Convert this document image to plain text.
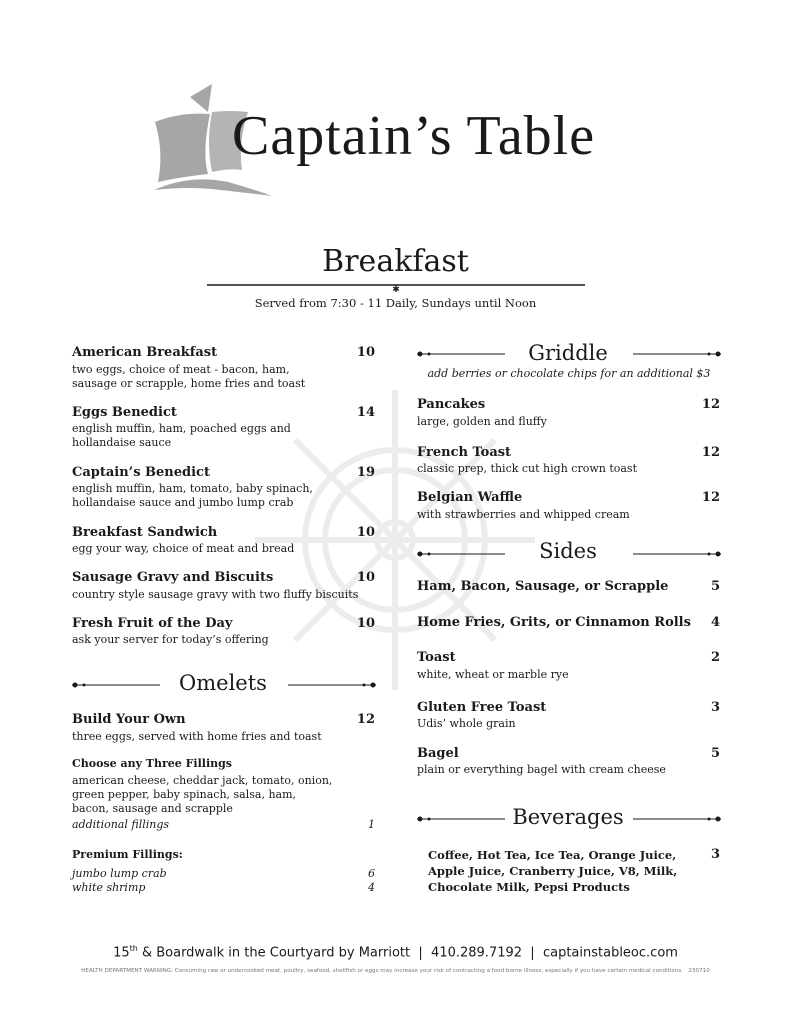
Captain’s Table
Breakfast
✱
Served from 7:30 - 11 Daily, Sundays until Noon
American Breakfast	10
two eggs, choice of meat - bacon, ham,
sausage or scrapple, home fries and toast
Eggs Benedict	14
english muffin, ham, poached eggs and
hollandaise sauce
Captain’s Benedict	19
english muffin, ham, tomato, baby spinach,
hollandaise sauce and jumbo lump crab
Breakfast Sandwich	10
egg your way, choice of meat and bread
Sausage Gravy and Biscuits	10
country style sausage gravy with two fluffy biscuits
Fresh Fruit of the Day	10
ask your server for today’s offering
Omelets
Build Your Own	12
three eggs, served with home fries and toast
Choose any Three Fillings
american cheese, cheddar jack, tomato, onion,
green pepper, baby spinach, salsa, ham,
bacon, sausage and scrapple
additional fillings	1
Premium Fillings:
jumbo lump crab	6
white shrimp	4
Griddle
add berries or chocolate chips for an additional $3
Pancakes	12
large, golden and fluffy
French Toast	12
classic prep, thick cut high crown toast
Belgian Waffle	12
with strawberries and whipped cream
Sides
Ham, Bacon, Sausage, or Scrapple	5
Home Fries, Grits, or Cinnamon Rolls	4
Toast	2
white, wheat or marble rye
Gluten Free Toast	3
Udis’ whole grain
Bagel	5
plain or everything bagel with cream cheese
Beverages
Coffee, Hot Tea, Ice Tea, Orange Juice,
Apple Juice, Cranberry Juice, V8, Milk,
Chocolate Milk, Pepsi Products
3
15th & Boardwalk in the Courtyard by Marriott | 410.289.7192 | captainstableoc.com
HEALTH DEPARTMENT WARNING: Consuming raw or undercooked meat, poultry, seafood, shellfish or eggs may increase your risk of contracting a food borne illness, especially if you have certain medical conditions. 230710
